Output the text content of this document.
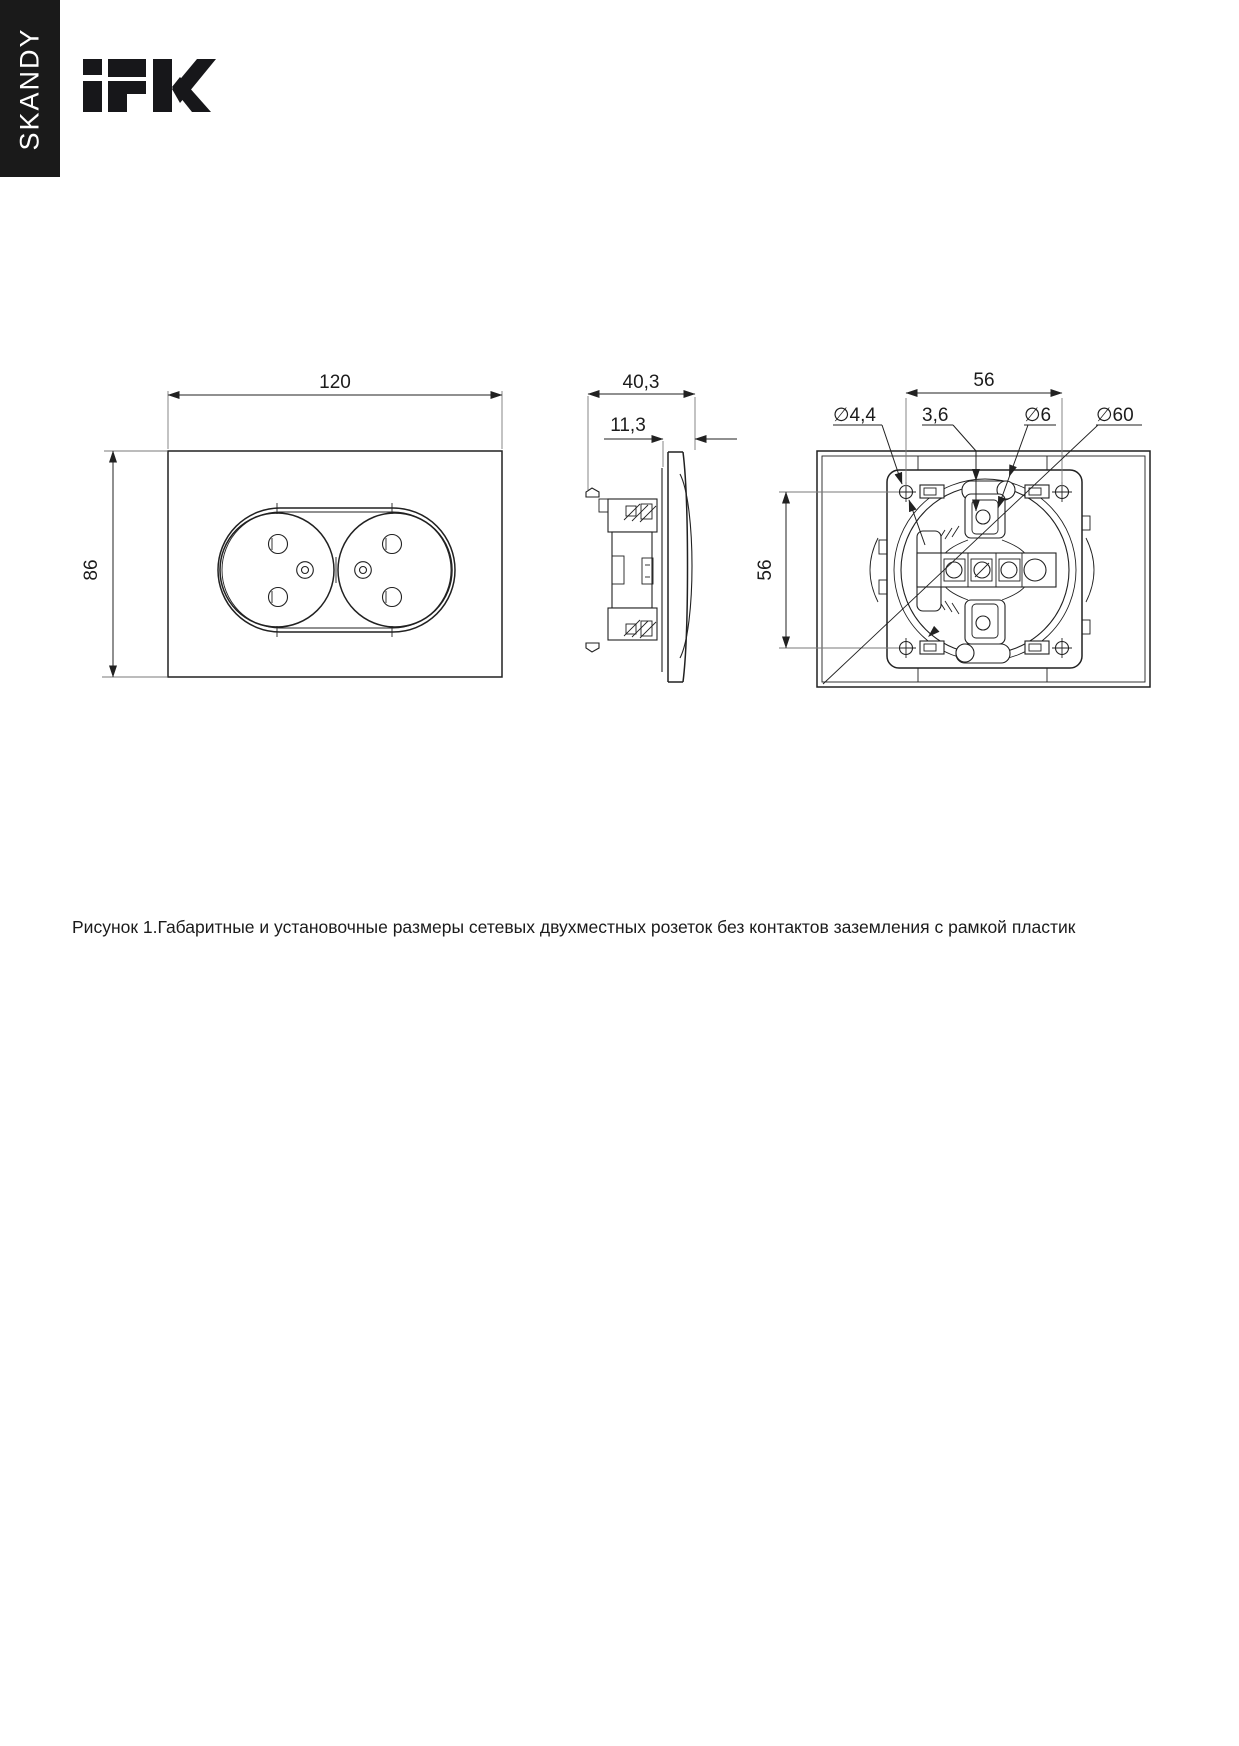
SKANDY
120
86
40,3
11,3
56
56
∅4,4 3,6	∅6 ∅60

Рисунок 1.Габаритные и установочные размеры сетевых двухместных розеток без контактов заземления с рамкой пластик
